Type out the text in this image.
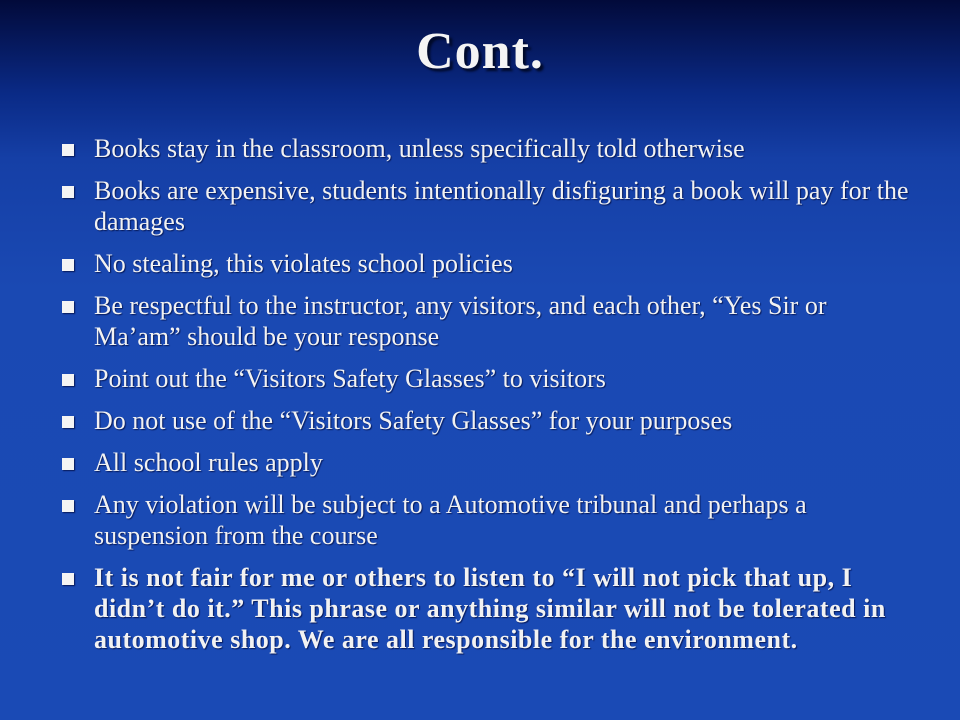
Cont.
Books stay in the classroom, unless specifically told otherwise
Books are expensive, students intentionally disfiguring a book will pay for the damages
No stealing, this violates school policies
Be respectful to the instructor, any visitors, and each other, “Yes Sir or Ma’am” should be your response
Point out the “Visitors Safety Glasses” to visitors
Do not use of the “Visitors Safety Glasses” for your purposes
All school rules apply
Any violation will be subject to a Automotive tribunal and perhaps a suspension from the course
It is not fair for me or others to listen to “I will not pick that up, I didn’t do it.” This phrase or anything similar will not be tolerated in automotive shop. We are all responsible for the environment.
